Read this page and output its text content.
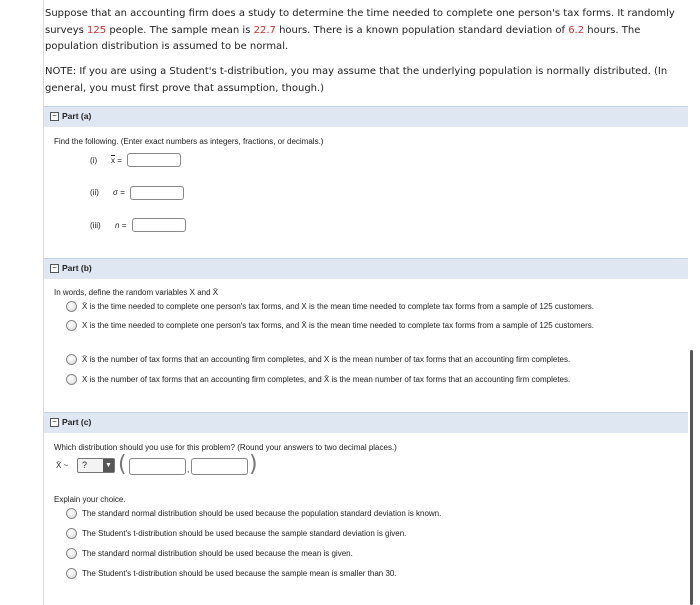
Suppose that an accounting firm does a study to determine the time needed to complete one person's tax forms. It randomly surveys 125 people. The sample mean is 22.7 hours. There is a known population standard deviation of 6.2 hours. The population distribution is assumed to be normal.
NOTE: If you are using a Student's t-distribution, you may assume that the underlying population is normally distributed. (In general, you must first prove that assumption, though.)
− Part (a)
Find the following. (Enter exact numbers as integers, fractions, or decimals.)
(i) $\overline{x}$ =
(ii) σ =
(iii) n =
− Part (b)
In words, define the random variables X and X̄
X̄ is the time needed to complete one person's tax forms, and X is the mean time needed to complete tax forms from a sample of 125 customers.
X is the time needed to complete one person's tax forms, and X̄ is the mean time needed to complete tax forms from a sample of 125 customers.
X̄ is the number of tax forms that an accounting firm completes, and X is the mean number of tax forms that an accounting firm completes.
X is the number of tax forms that an accounting firm completes, and X̄ is the mean number of tax forms that an accounting firm completes.
− Part (c)
Which distribution should you use for this problem? (Round your answers to two decimal places.)
X̄ ~ ?	▼ (	,	)
Explain your choice.
The standard normal distribution should be used because the population standard deviation is known.
The Student's t-distribution should be used because the sample standard deviation is given.
The standard normal distribution should be used because the mean is given.
The Student's t-distribution should be used because the sample mean is smaller than 30.
